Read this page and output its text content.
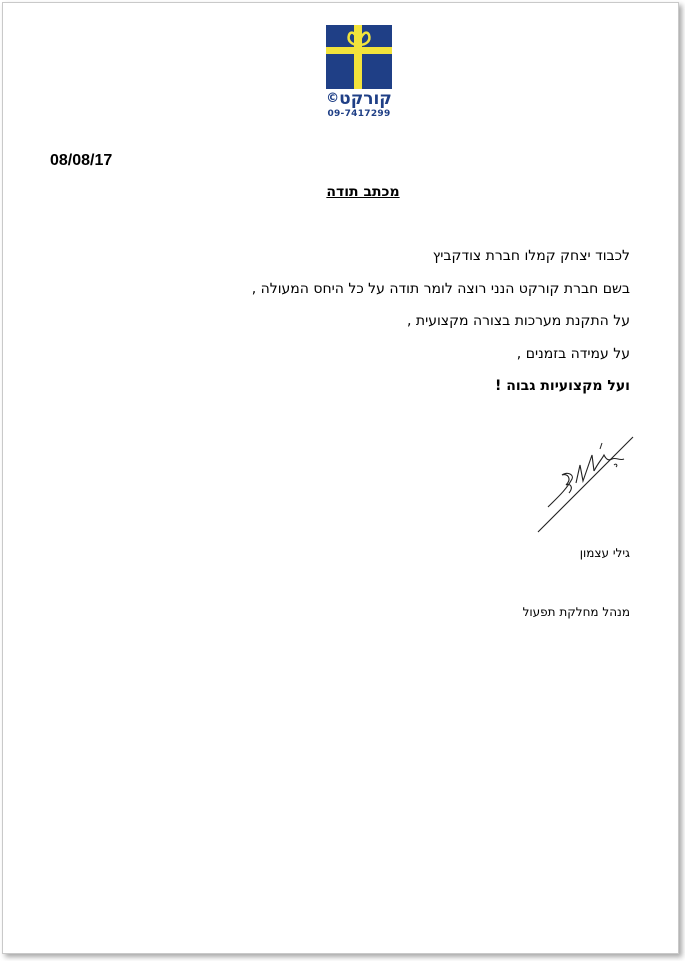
קורקט©
09-7417299
08/08/17
מכתב תודה
לכבוד יצחק קמלו חברת צודקביץ
בשם חברת קורקט הנני רוצה לומר תודה על כל היחס המעולה ,
על התקנת מערכות בצורה מקצועית ,
על עמידה בזמנים ,
ועל מקצועיות גבוה !
גילי עצמון
מנהל מחלקת תפעול
